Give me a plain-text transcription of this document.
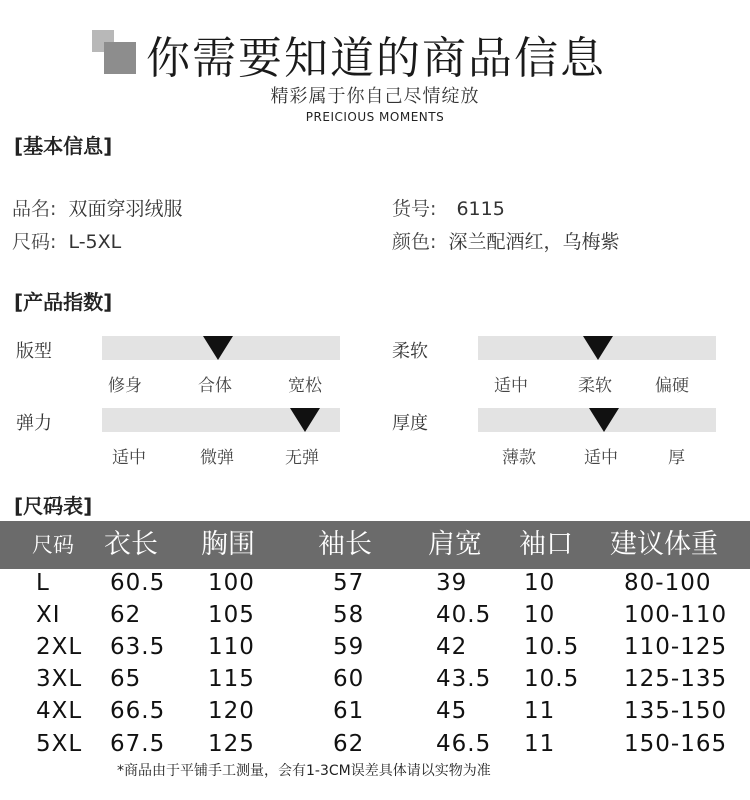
你需要知道的商品信息
精彩属于你自己尽情绽放
PREICIOUS MOMENTS
[基本信息]
品名: 双面穿羽绒服	货号: 6115
尺码: L-5XL	颜色: 深兰配酒红，乌梅紫
[产品指数]
版型
修身	合体	宽松
柔软
适中	柔软	偏硬
弹力
适中	微弹	无弹
厚度
薄款	适中	厚
[尺码表]
尺码 衣长 胸围 袖长 肩宽 袖口 建议体重
L	60.5 100	57	39 10	80-100
XI 62	105	58	40.5 10	100-110
2XL 63.5 110	59	42 10.5 110-125
3XL 65	115	60	43.5 10.5 125-135
4XL 66.5 120	61	45 11	135-150
5XL 67.5 125	62	46.5 11	150-165
*商品由于平铺手工测量，会有1-3CM误差具体请以实物为准
